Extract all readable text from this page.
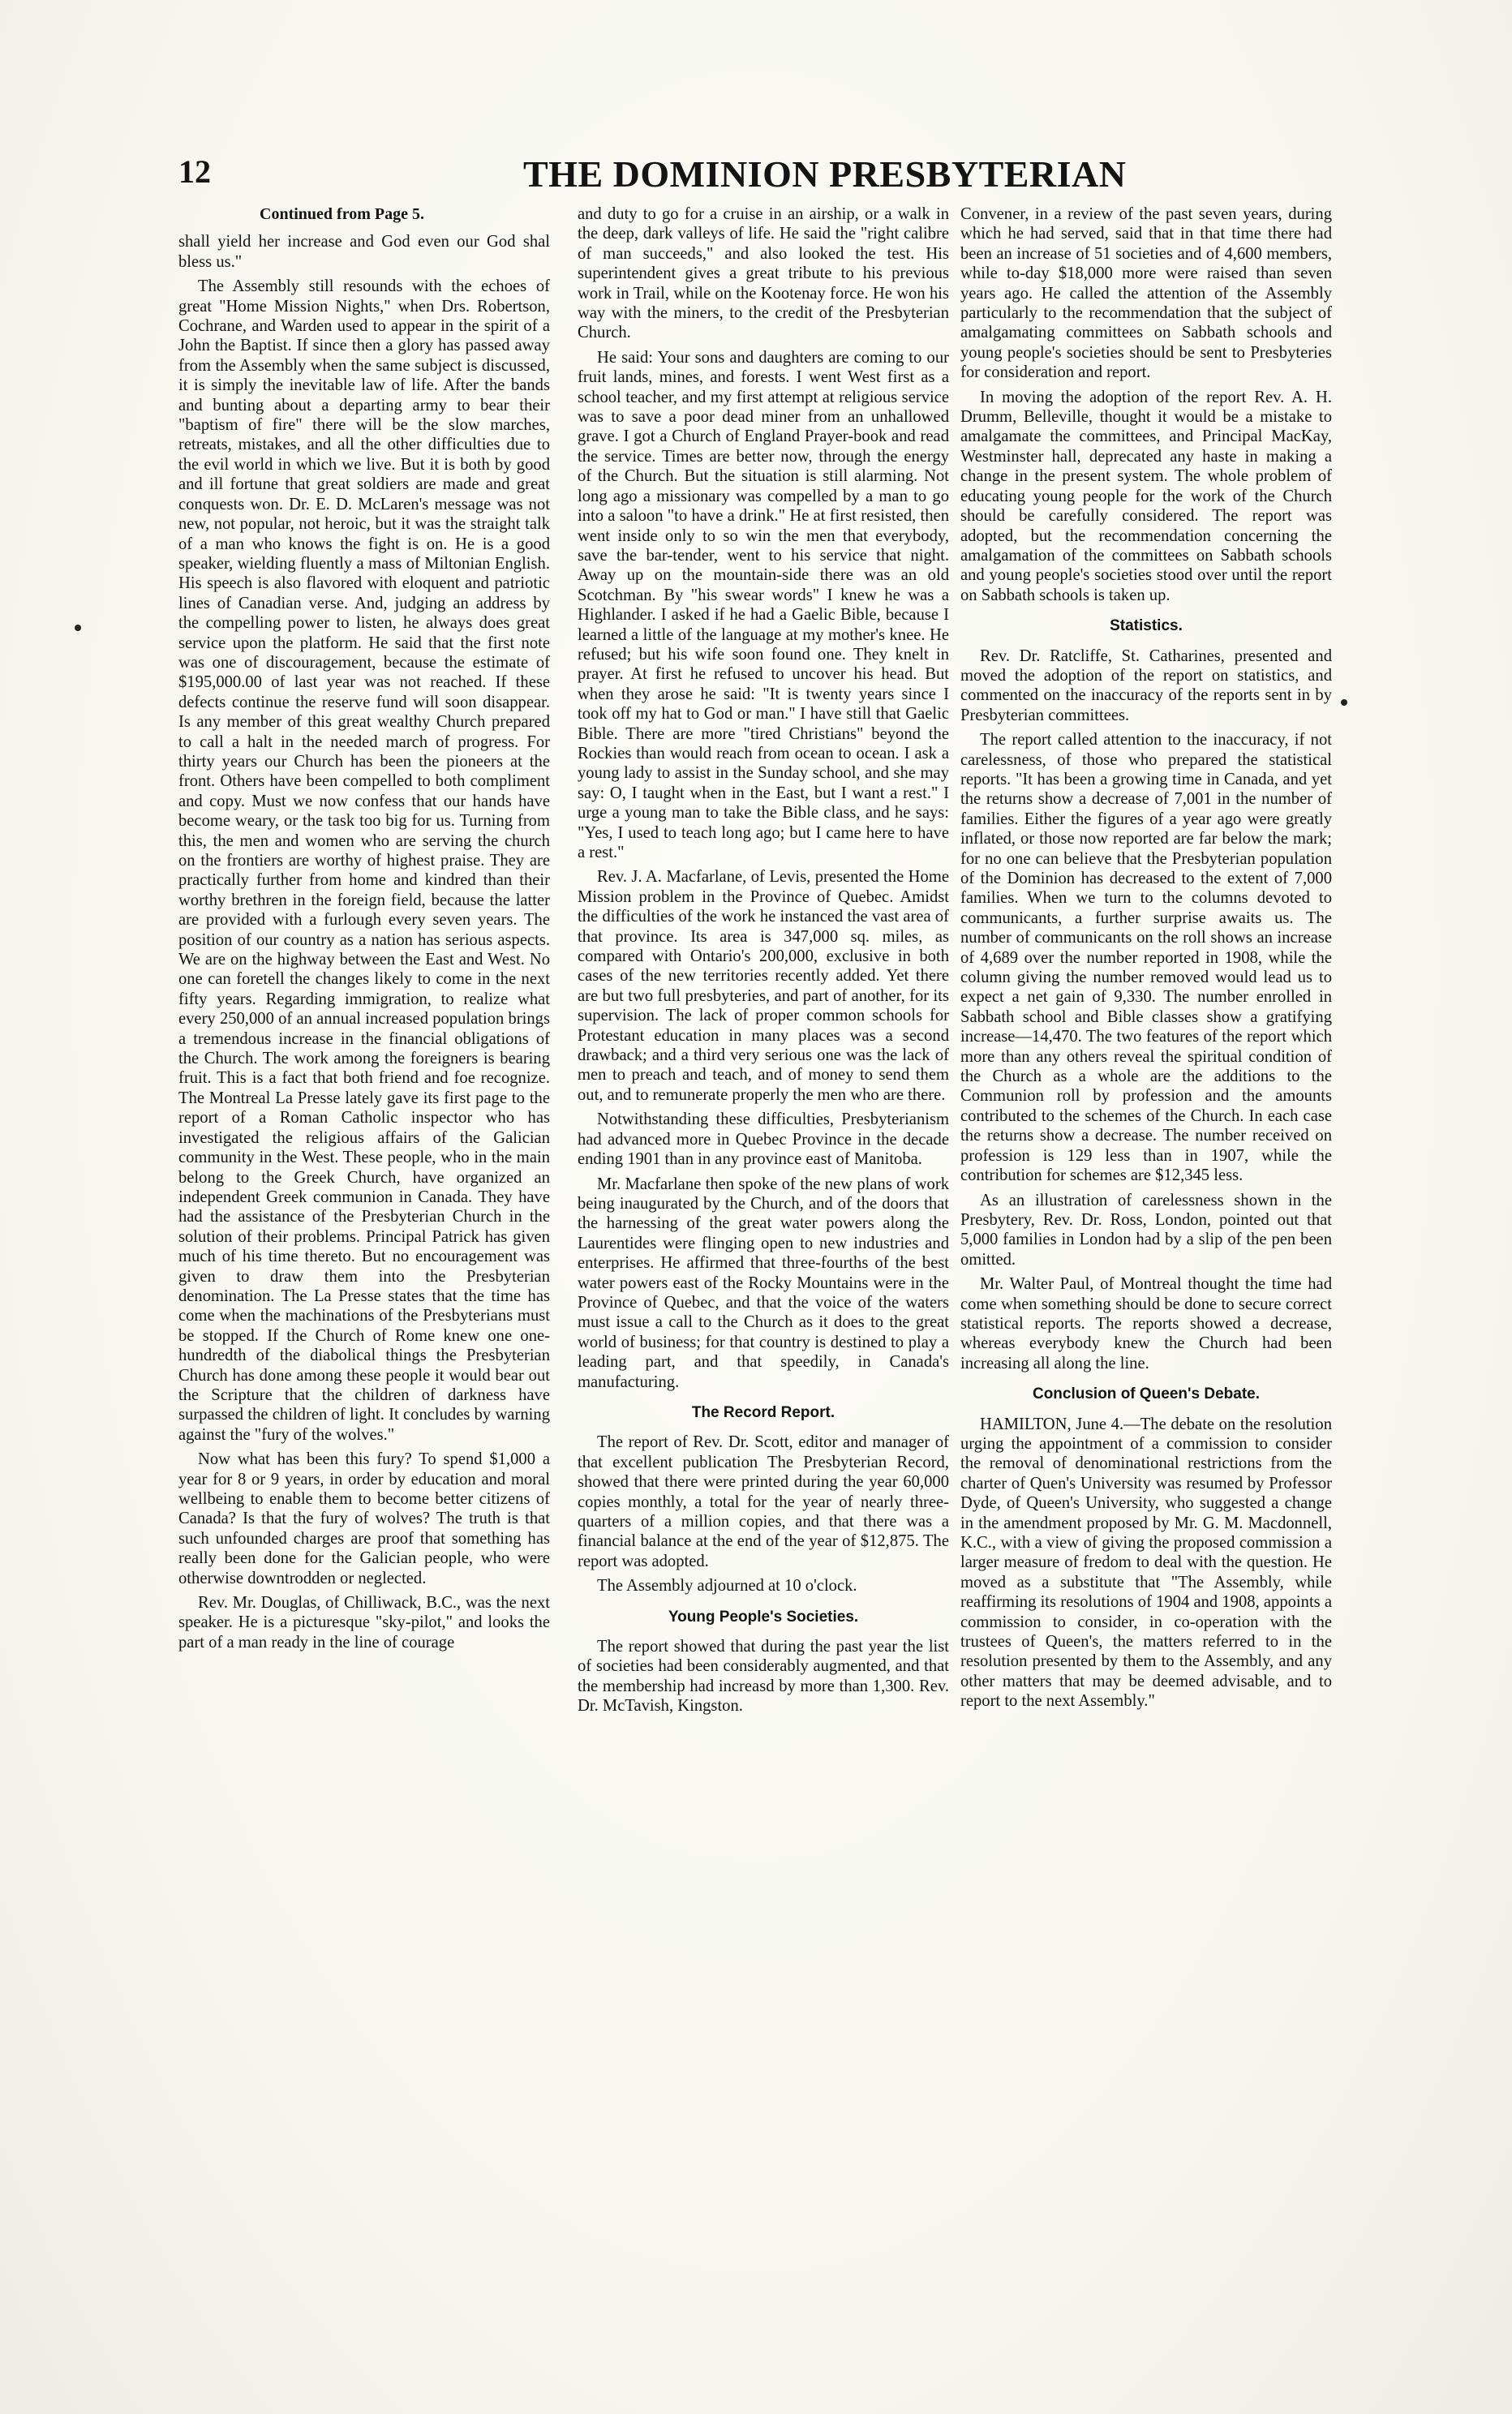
12	THE DOMINION PRESBYTERIAN
Continued from Page 5.

shall yield her increase and God even our God shal bless us."

The Assembly still resounds with the echoes of great "Home Mission Nights," when Drs. Robertson, Cochrane, and Warden used to appear in the spirit of a John the Baptist. If since then a glory has passed away from the Assembly when the same subject is discussed, it is simply the inevitable law of life. After the bands and bunting about a departing army to bear their "baptism of fire" there will be the slow marches, retreats, mistakes, and all the other difficulties due to the evil world in which we live. But it is both by good and ill fortune that great soldiers are made and great conquests won. Dr. E. D. McLaren's message was not new, not popular, not heroic, but it was the straight talk of a man who knows the fight is on. He is a good speaker, wielding fluently a mass of Miltonian English. His speech is also flavored with eloquent and patriotic lines of Canadian verse. And, judging an address by the compelling power to listen, he always does great service upon the platform. He said that the first note was one of discouragement, because the estimate of $195,000.00 of last year was not reached. If these defects continue the reserve fund will soon disappear. Is any member of this great wealthy Church prepared to call a halt in the needed march of progress. For thirty years our Church has been the pioneers at the front. Others have been compelled to both compliment and copy. Must we now confess that our hands have become weary, or the task too big for us. Turning from this, the men and women who are serving the church on the frontiers are worthy of highest praise. They are practically further from home and kindred than their worthy brethren in the foreign field, because the latter are provided with a furlough every seven years. The position of our country as a nation has serious aspects. We are on the highway between the East and West. No one can foretell the changes likely to come in the next fifty years. Regarding immigration, to realize what every 250,000 of an annual increased population brings a tremendous increase in the financial obligations of the Church. The work among the foreigners is bearing fruit. This is a fact that both friend and foe recognize. The Montreal La Presse lately gave its first page to the report of a Roman Catholic inspector who has investigated the religious affairs of the Galician community in the West. These people, who in the main belong to the Greek Church, have organized an independent Greek communion in Canada. They have had the assistance of the Presbyterian Church in the solution of their problems. Principal Patrick has given much of his time thereto. But no encouragement was given to draw them into the Presbyterian denomination. The La Presse states that the time has come when the machinations of the Presbyterians must be stopped. If the Church of Rome knew one one-hundredth of the diabolical things the Presbyterian Church has done among these people it would bear out the Scripture that the children of darkness have surpassed the children of light. It concludes by warning against the "fury of the wolves."

Now what has been this fury? To spend $1,000 a year for 8 or 9 years, in order by education and moral wellbeing to enable them to become better citizens of Canada? Is that the fury of wolves? The truth is that such unfounded charges are proof that something has really been done for the Galician people, who were otherwise downtrodden or neglected.

Rev. Mr. Douglas, of Chilliwack, B.C., was the next speaker. He is a picturesque "sky-pilot," and looks the part of a man ready in the line of courage

and duty to go for a cruise in an airship, or a walk in the deep, dark valleys of life. He said the "right calibre of man succeeds," and also looked the test. His superintendent gives a great tribute to his previous work in Trail, while on the Kootenay force. He won his way with the miners, to the credit of the Presbyterian Church.

He said: Your sons and daughters are coming to our fruit lands, mines, and forests. I went West first as a school teacher, and my first attempt at religious service was to save a poor dead miner from an unhallowed grave. I got a Church of England Prayer-book and read the service. Times are better now, through the energy of the Church. But the situation is still alarming. Not long ago a missionary was compelled by a man to go into a saloon "to have a drink." He at first resisted, then went inside only to so win the men that everybody, save the bar-tender, went to his service that night. Away up on the mountain-side there was an old Scotchman. By "his swear words" I knew he was a Highlander. I asked if he had a Gaelic Bible, because I learned a little of the language at my mother's knee. He refused; but his wife soon found one. They knelt in prayer. At first he refused to uncover his head. But when they arose he said: "It is twenty years since I took off my hat to God or man." I have still that Gaelic Bible. There are more "tired Christians" beyond the Rockies than would reach from ocean to ocean. I ask a young lady to assist in the Sunday school, and she may say: O, I taught when in the East, but I want a rest." I urge a young man to take the Bible class, and he says: "Yes, I used to teach long ago; but I came here to have a rest."

Rev. J. A. Macfarlane, of Levis, presented the Home Mission problem in the Province of Quebec. Amidst the difficulties of the work he instanced the vast area of that province. Its area is 347,000 sq. miles, as compared with Ontario's 200,000, exclusive in both cases of the new territories recently added. Yet there are but two full presbyteries, and part of another, for its supervision. The lack of proper common schools for Protestant education in many places was a second drawback; and a third very serious one was the lack of men to preach and teach, and of money to send them out, and to remunerate properly the men who are there.

Notwithstanding these difficulties, Presbyterianism had advanced more in Quebec Province in the decade ending 1901 than in any province east of Manitoba.

Mr. Macfarlane then spoke of the new plans of work being inaugurated by the Church, and of the doors that the harnessing of the great water powers along the Laurentides were flinging open to new industries and enterprises. He affirmed that three-fourths of the best water powers east of the Rocky Mountains were in the Province of Quebec, and that the voice of the waters must issue a call to the Church as it does to the great world of business; for that country is destined to play a leading part, and that speedily, in Canada's manufacturing.

The Record Report.

The report of Rev. Dr. Scott, editor and manager of that excellent publication The Presbyterian Record, showed that there were printed during the year 60,000 copies monthly, a total for the year of nearly three-quarters of a million copies, and that there was a financial balance at the end of the year of $12,875. The report was adopted.

The Assembly adjourned at 10 o'clock.

Young People's Societies.

The report showed that during the past year the list of societies had been considerably augmented, and that the membership had increasd by more than 1,300. Rev. Dr. McTavish, Kingston.

Convener, in a review of the past seven years, during which he had served, said that in that time there had been an increase of 51 societies and of 4,600 members, while to-day $18,000 more were raised than seven years ago. He called the attention of the Assembly particularly to the recommendation that the subject of amalgamating committees on Sabbath schools and young people's societies should be sent to Presbyteries for consideration and report.

In moving the adoption of the report Rev. A. H. Drumm, Belleville, thought it would be a mistake to amalgamate the committees, and Principal MacKay, Westminster hall, deprecated any haste in making a change in the present system. The whole problem of educating young people for the work of the Church should be carefully considered. The report was adopted, but the recommendation concerning the amalgamation of the committees on Sabbath schools and young people's societies stood over until the report on Sabbath schools is taken up.

Statistics.

Rev. Dr. Ratcliffe, St. Catharines, presented and moved the adoption of the report on statistics, and commented on the inaccuracy of the reports sent in by Presbyterian committees.

The report called attention to the inaccuracy, if not carelessness, of those who prepared the statistical reports. "It has been a growing time in Canada, and yet the returns show a decrease of 7,001 in the number of families. Either the figures of a year ago were greatly inflated, or those now reported are far below the mark; for no one can believe that the Presbyterian population of the Dominion has decreased to the extent of 7,000 families. When we turn to the columns devoted to communicants, a further surprise awaits us. The number of communicants on the roll shows an increase of 4,689 over the number reported in 1908, while the column giving the number removed would lead us to expect a net gain of 9,330. The number enrolled in Sabbath school and Bible classes show a gratifying increase—14,470. The two features of the report which more than any others reveal the spiritual condition of the Church as a whole are the additions to the Communion roll by profession and the amounts contributed to the schemes of the Church. In each case the returns show a decrease. The number received on profession is 129 less than in 1907, while the contribution for schemes are $12,345 less.

As an illustration of carelessness shown in the Presbytery, Rev. Dr. Ross, London, pointed out that 5,000 families in London had by a slip of the pen been omitted.

Mr. Walter Paul, of Montreal thought the time had come when something should be done to secure correct statistical reports. The reports showed a decrease, whereas everybody knew the Church had been increasing all along the line.

Conclusion of Queen's Debate.

HAMILTON, June 4.—The debate on the resolution urging the appointment of a commission to consider the removal of denominational restrictions from the charter of Quen's University was resumed by Professor Dyde, of Queen's University, who suggested a change in the amendment proposed by Mr. G. M. Macdonnell, K.C., with a view of giving the proposed commission a larger measure of fredom to deal with the question. He moved as a substitute that "The Assembly, while reaffirming its resolutions of 1904 and 1908, appoints a commission to consider, in co-operation with the trustees of Queen's, the matters referred to in the resolution presented by them to the Assembly, and any other matters that may be deemed advisable, and to report to the next Assembly."
